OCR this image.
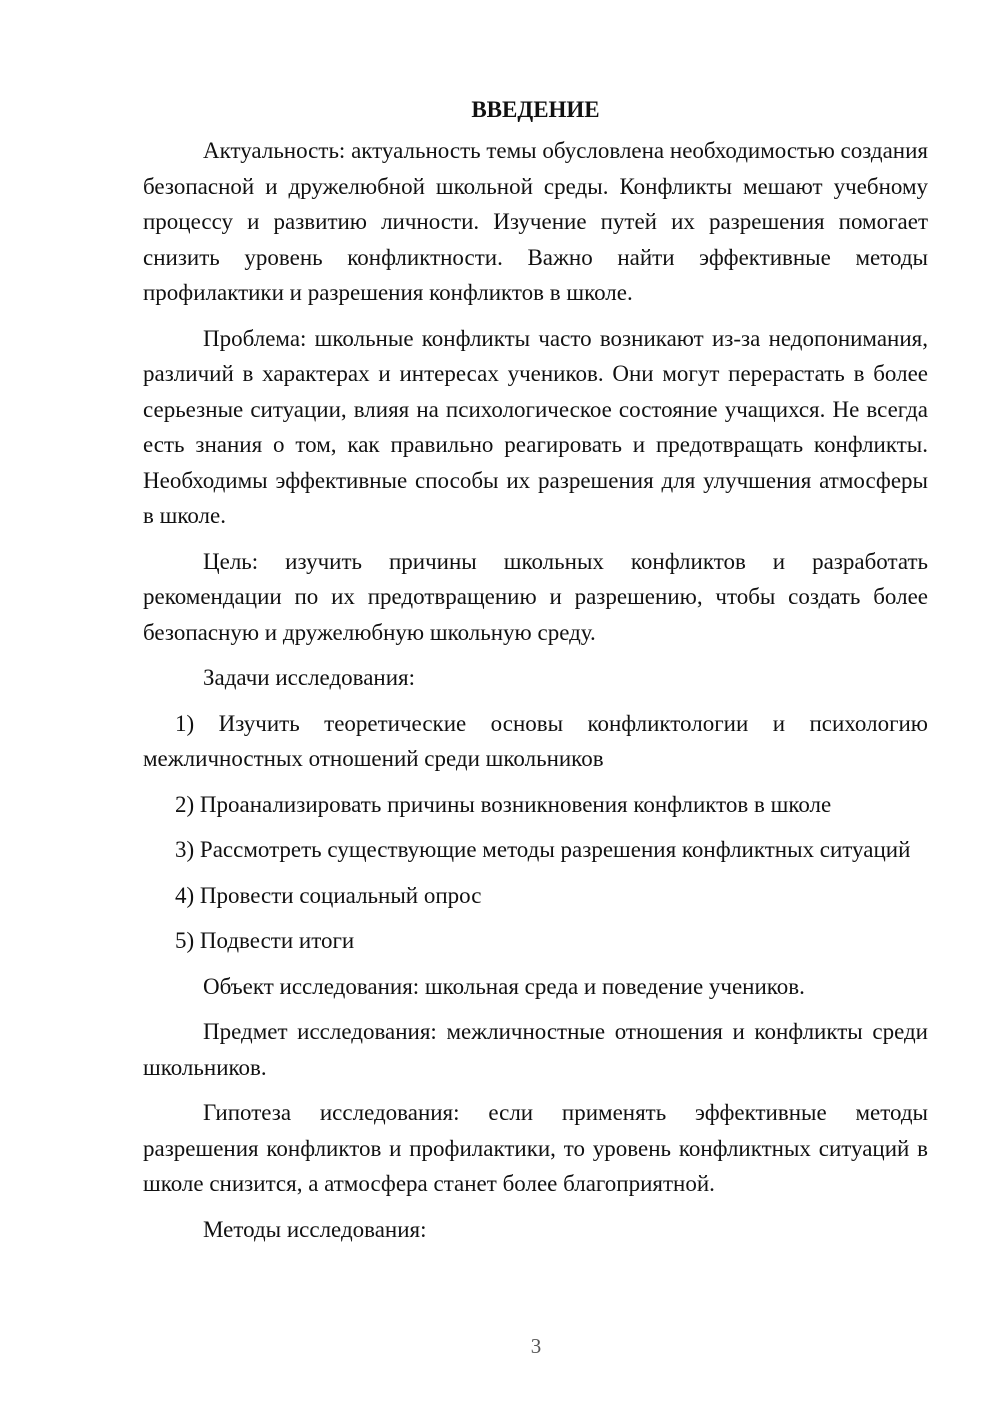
ВВЕДЕНИЕ

Актуальность: актуальность темы обусловлена необходимостью создания безопасной и дружелюбной школьной среды. Конфликты мешают учебному процессу и развитию личности. Изучение путей их разрешения помогает снизить уровень конфликтности. Важно найти эффективные методы профилактики и разрешения конфликтов в школе.

Проблема: школьные конфликты часто возникают из-за недопонимания, различий в характерах и интересах учеников. Они могут перерастать в более серьезные ситуации, влияя на психологическое состояние учащихся. Не всегда есть знания о том, как правильно реагировать и предотвращать конфликты. Необходимы эффективные способы их разрешения для улучшения атмосферы в школе.

Цель: изучить причины школьных конфликтов и разработать рекомендации по их предотвращению и разрешению, чтобы создать более безопасную и дружелюбную школьную среду.

Задачи исследования:

1) Изучить теоретические основы конфликтологии и психологию межличностных отношений среди школьников

2) Проанализировать причины возникновения конфликтов в школе

3) Рассмотреть существующие методы разрешения конфликтных ситуаций

4) Провести социальный опрос

5) Подвести итоги

Объект исследования: школьная среда и поведение учеников.

Предмет исследования: межличностные отношения и конфликты среди школьников.

Гипотеза исследования: если применять эффективные методы разрешения конфликтов и профилактики, то уровень конфликтных ситуаций в школе снизится, а атмосфера станет более благоприятной.

Методы исследования:

3
